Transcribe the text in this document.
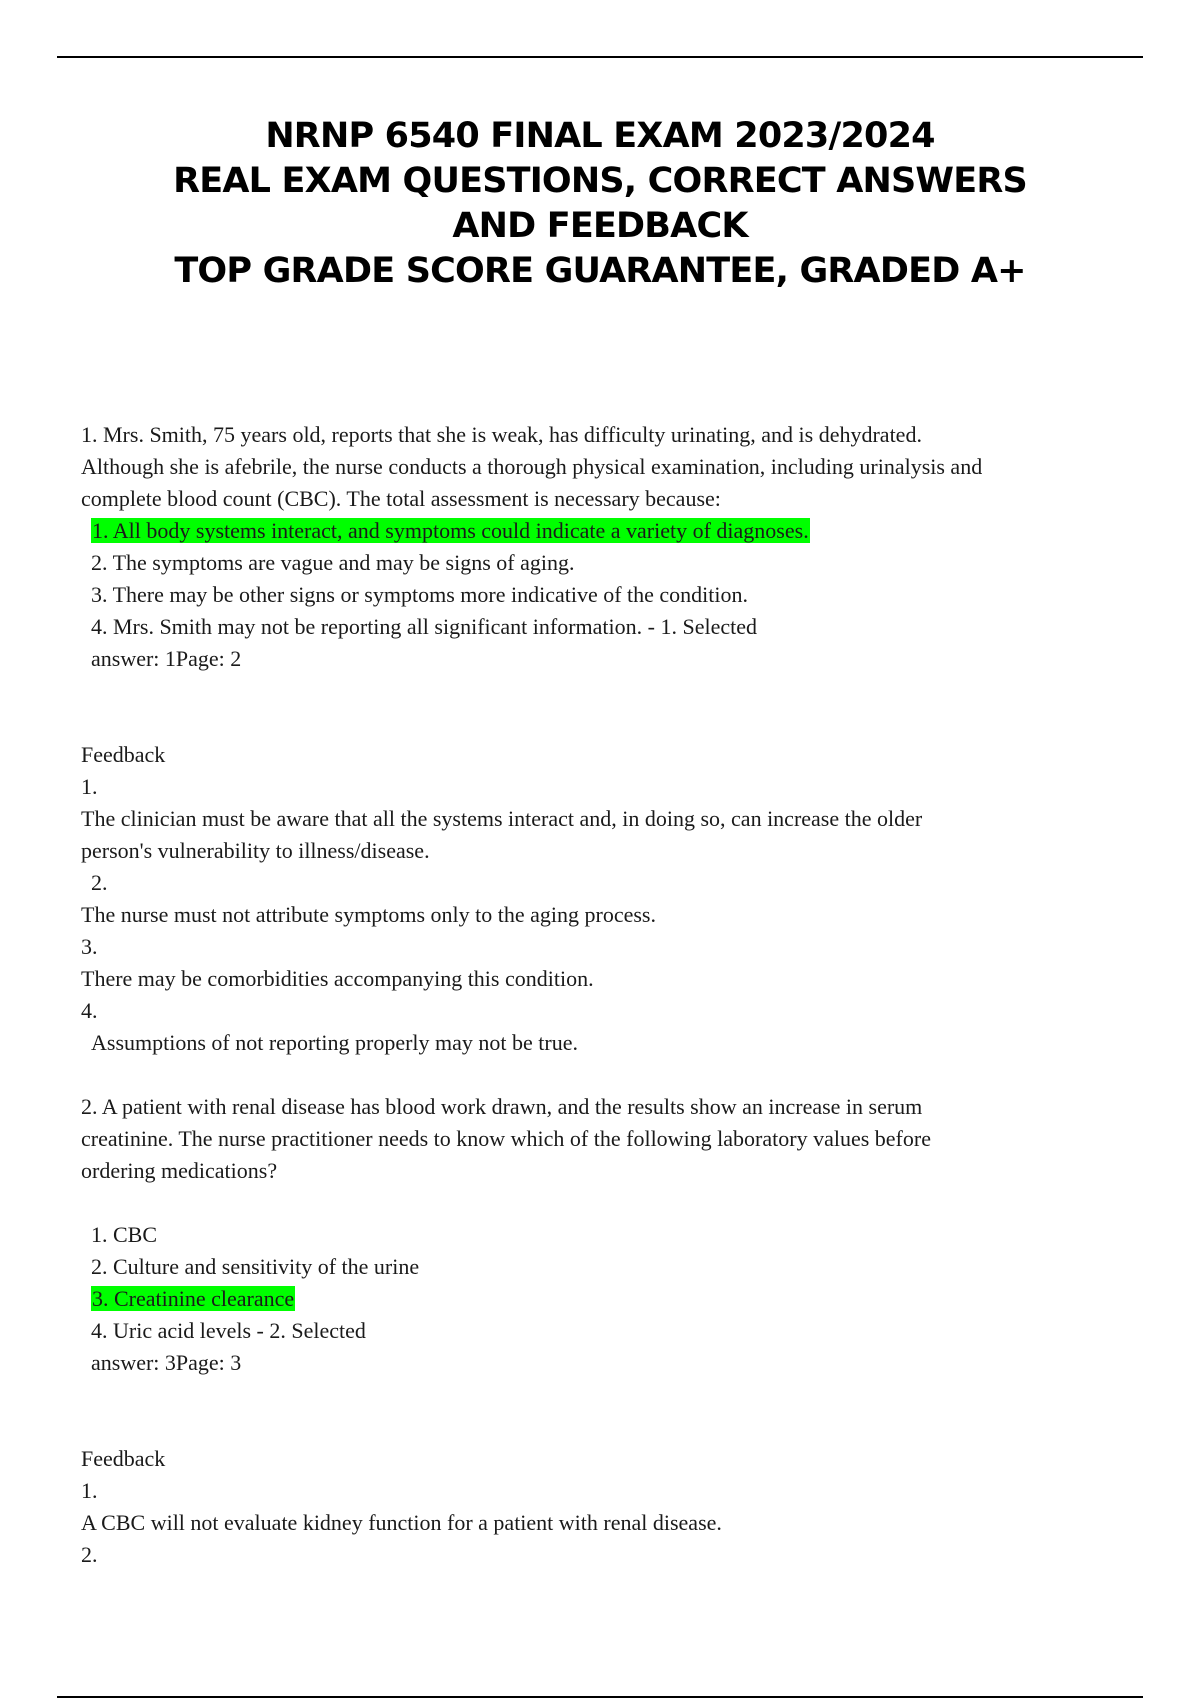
NRNP 6540 FINAL EXAM 2023/2024
REAL EXAM QUESTIONS, CORRECT ANSWERS
AND FEEDBACK
TOP GRADE SCORE GUARANTEE, GRADED A+
1. Mrs. Smith, 75 years old, reports that she is weak, has difficulty urinating, and is dehydrated.
Although she is afebrile, the nurse conducts a thorough physical examination, including urinalysis and
complete blood count (CBC). The total assessment is necessary because:
1. All body systems interact, and symptoms could indicate a variety of diagnoses.
2. The symptoms are vague and may be signs of aging.
3. There may be other signs or symptoms more indicative of the condition.
4. Mrs. Smith may not be reporting all significant information. - 1. Selected
answer: 1Page: 2
Feedback
1.
The clinician must be aware that all the systems interact and, in doing so, can increase the older
person's vulnerability to illness/disease.
2.
The nurse must not attribute symptoms only to the aging process.
3.
There may be comorbidities accompanying this condition.
4.
Assumptions of not reporting properly may not be true.
2. A patient with renal disease has blood work drawn, and the results show an increase in serum
creatinine. The nurse practitioner needs to know which of the following laboratory values before
ordering medications?
1. CBC
2. Culture and sensitivity of the urine
3. Creatinine clearance
4. Uric acid levels - 2. Selected
answer: 3Page: 3
Feedback
1.
A CBC will not evaluate kidney function for a patient with renal disease.
2.
